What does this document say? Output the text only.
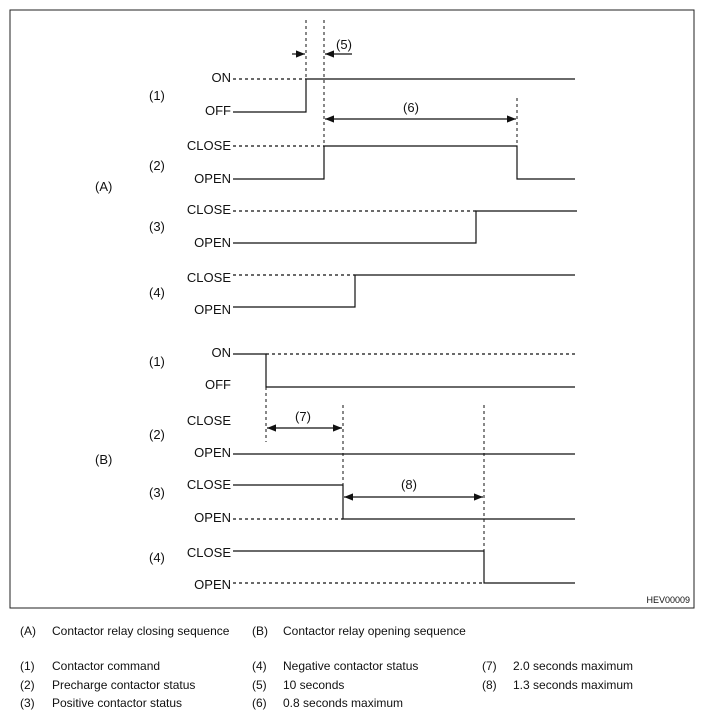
(A)
(B)
(1)
ON
OFF
(2)
CLOSE
OPEN
(3)
CLOSE
OPEN
(4)
CLOSE
OPEN
(1)
ON
OFF
(2)
CLOSE
OPEN
(3)
CLOSE
OPEN
(4) CLOSE
OPEN
(5)
(6)
(7)
(8)
HEV00009
(A) Contactor relay closing sequence (B) Contactor relay opening sequence
(1) Contactor command
(2) Precharge contactor status
(3) Positive contactor status
(4) Negative contactor status
(5) 10 seconds
(6) 0.8 seconds maximum
(7) 2.0 seconds maximum
(8) 1.3 seconds maximum
